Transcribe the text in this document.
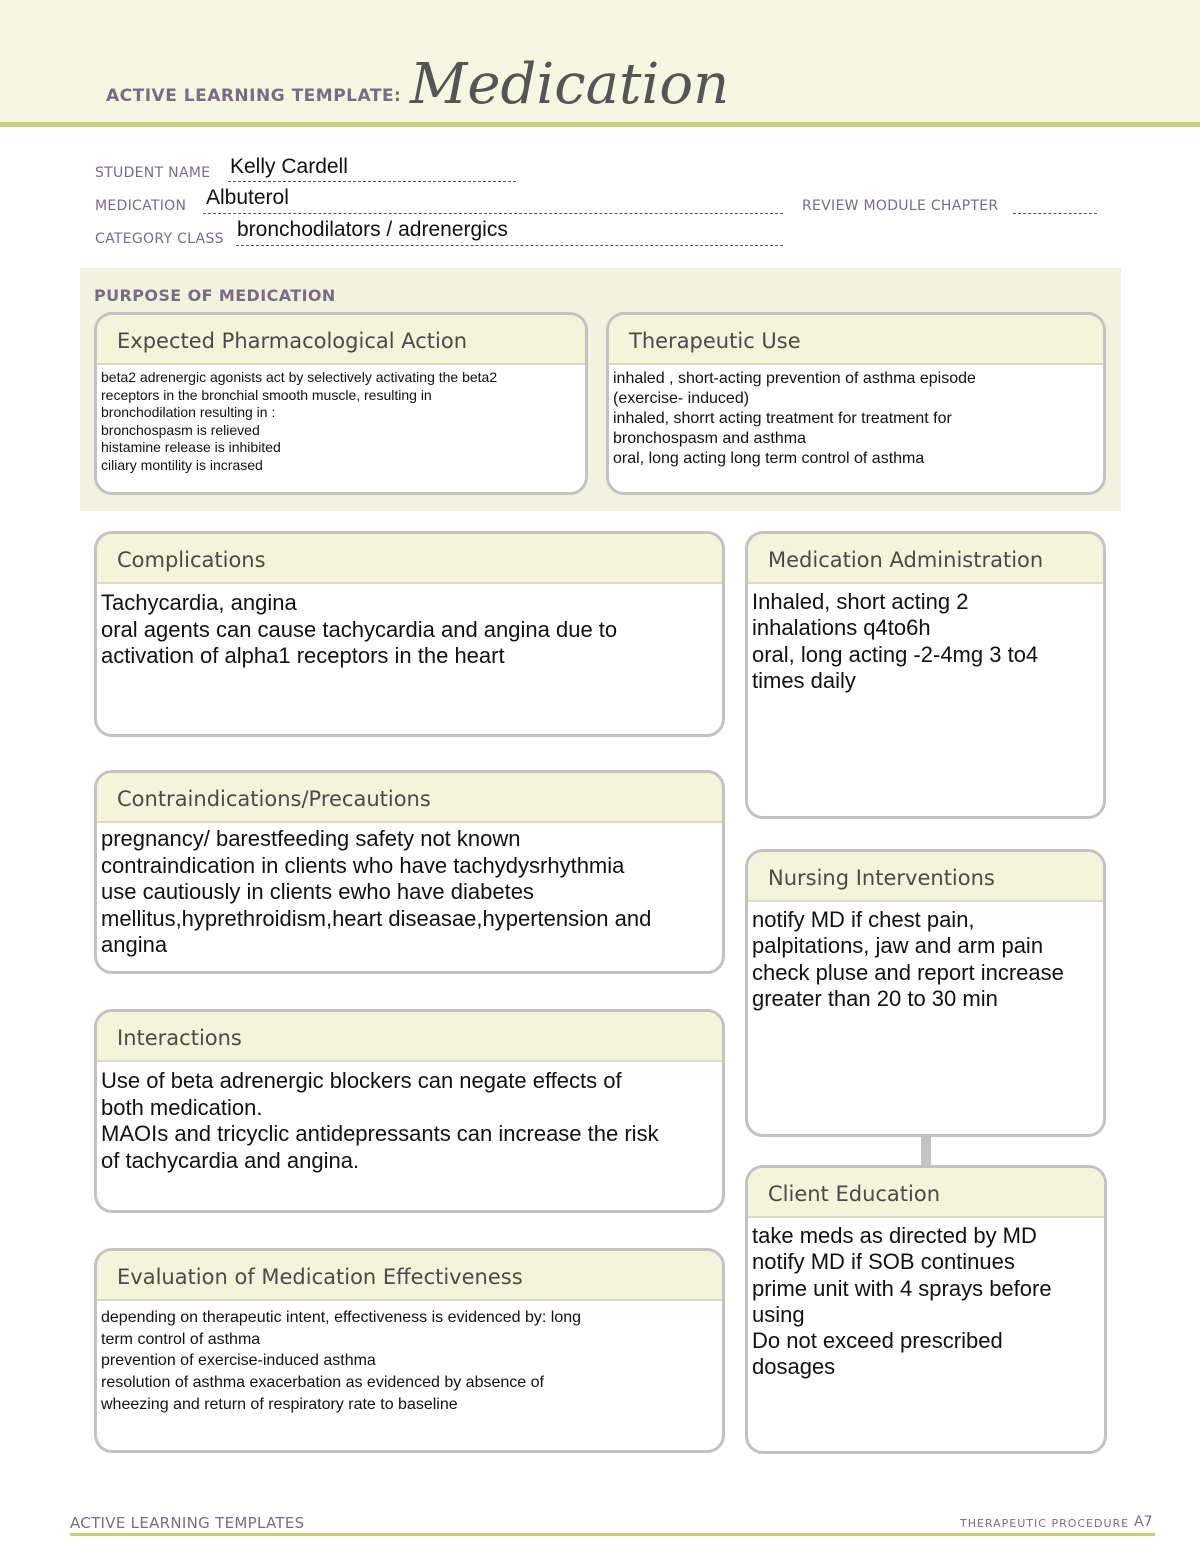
ACTIVE LEARNING TEMPLATE: Medication
STUDENT NAME Kelly Cardell
MEDICATION Albuterol	REVIEW MODULE CHAPTER
CATEGORY CLASS bronchodilators / adrenergics
PURPOSE OF MEDICATION
Expected Pharmacological Action
beta2 adrenergic agonists act by selectively activating the beta2
receptors in the bronchial smooth muscle, resulting in
bronchodilation resulting in :
bronchospasm is relieved
histamine release is inhibited
ciliary montility is incrased
Therapeutic Use
inhaled , short-acting prevention of asthma episode
(exercise- induced)
inhaled, shorrt acting treatment for treatment for
bronchospasm and asthma
oral, long acting long term control of asthma
Complications
Tachycardia, angina
oral agents can cause tachycardia and angina due to
activation of alpha1 receptors in the heart
Contraindications/Precautions
pregnancy/ barestfeeding safety not known
contraindication in clients who have tachydysrhythmia
use cautiously in clients ewho have diabetes
mellitus,hyprethroidism,heart diseasae,hypertension and
angina
Interactions
Use of beta adrenergic blockers can negate effects of
both medication.
MAOIs and tricyclic antidepressants can increase the risk
of tachycardia and angina.
Evaluation of Medication Effectiveness
depending on therapeutic intent, effectiveness is evidenced by: long
term control of asthma
prevention of exercise-induced asthma
resolution of asthma exacerbation as evidenced by absence of
wheezing and return of respiratory rate to baseline
Medication Administration
Inhaled, short acting 2
inhalations q4to6h
oral, long acting -2-4mg 3 to4
times daily
Nursing Interventions
notify MD if chest pain,
palpitations, jaw and arm pain
check pluse and report increase
greater than 20 to 30 min
Client Education
take meds as directed by MD
notify MD if SOB continues
prime unit with 4 sprays before
using
Do not exceed prescribed
dosages
ACTIVE LEARNING TEMPLATES	THERAPEUTIC PROCEDURE A7
